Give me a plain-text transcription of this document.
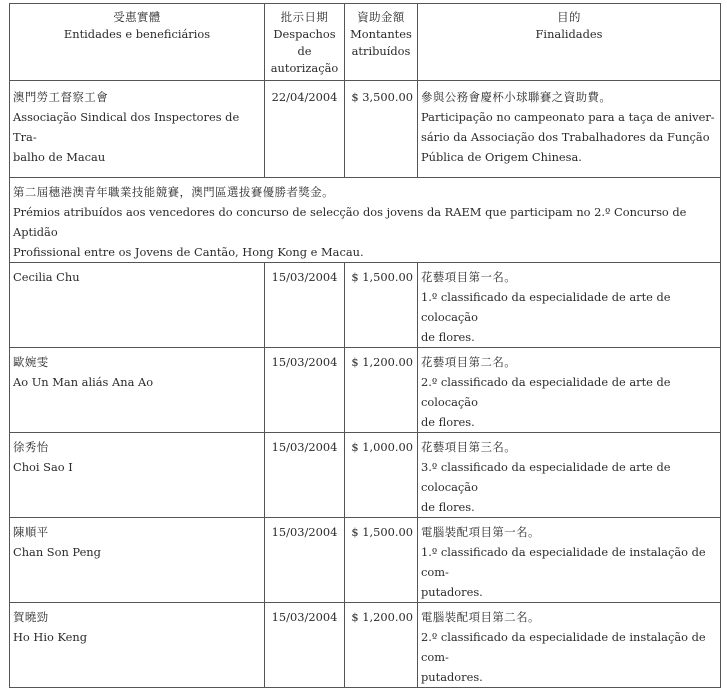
受惠實體
Entidades e beneficiários	批示日期
Despachos de
autorização	資助金額
Montantes
atribuídos	目的
Finalidades

澳門勞工督察工會
Associação Sindical dos Inspectores de Tra-
balho de Macau	22/04/2004	$ 3,500.00	參與公務會慶杯小球聯賽之資助費。
Participação no campeonato para a taça de aniver-
sário da Associação dos Trabalhadores da Função
Pública de Origem Chinesa.

第二屆穗港澳青年職業技能競賽，澳門區選拔賽優勝者獎金。
Prémios atribuídos aos vencedores do concurso de selecção dos jovens da RAEM que participam no 2.º Concurso de Aptidão
Profissional entre os Jovens de Cantão, Hong Kong e Macau.			

Cecilia Chu	15/03/2004	$ 1,500.00	花藝項目第一名。
1.º classificado da especialidade de arte de colocação
de flores.

歐婉雯
Ao Un Man aliás Ana Ao	15/03/2004	$ 1,200.00	花藝項目第二名。
2.º classificado da especialidade de arte de colocação
de flores.

徐秀怡
Choi Sao I	15/03/2004	$ 1,000.00	花藝項目第三名。
3.º classificado da especialidade de arte de colocação
de flores.

陳順平
Chan Son Peng	15/03/2004	$ 1,500.00	電腦裝配項目第一名。
1.º classificado da especialidade de instalação de com-
putadores.

賀曉勁
Ho Hio Keng	15/03/2004	$ 1,200.00	電腦裝配項目第二名。
2.º classificado da especialidade de instalação de com-
putadores.
